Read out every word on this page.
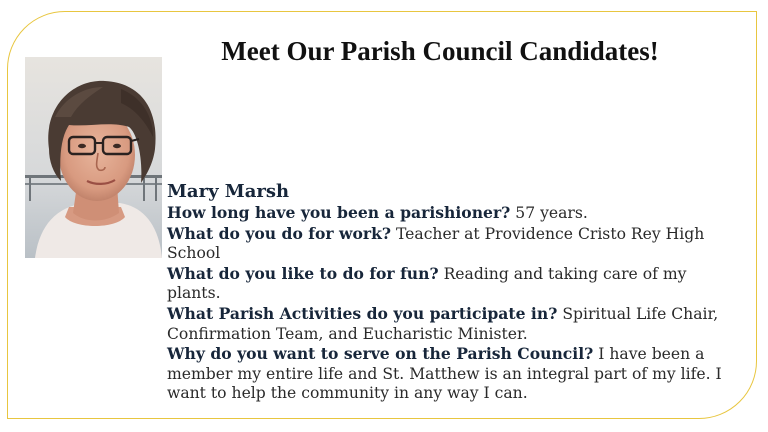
Meet Our Parish Council Candidates!

Mary Marsh

How long have you been a parishioner? 57 years.

What do you do for work? Teacher at Providence Cristo Rey High School

What do you like to do for fun? Reading and taking care of my plants.

What Parish Activities do you participate in? Spiritual Life Chair, Confirmation Team, and Eucharistic Minister.

Why do you want to serve on the Parish Council? I have been a member my entire life and St. Matthew is an integral part of my life. I want to help the community in any way I can.
